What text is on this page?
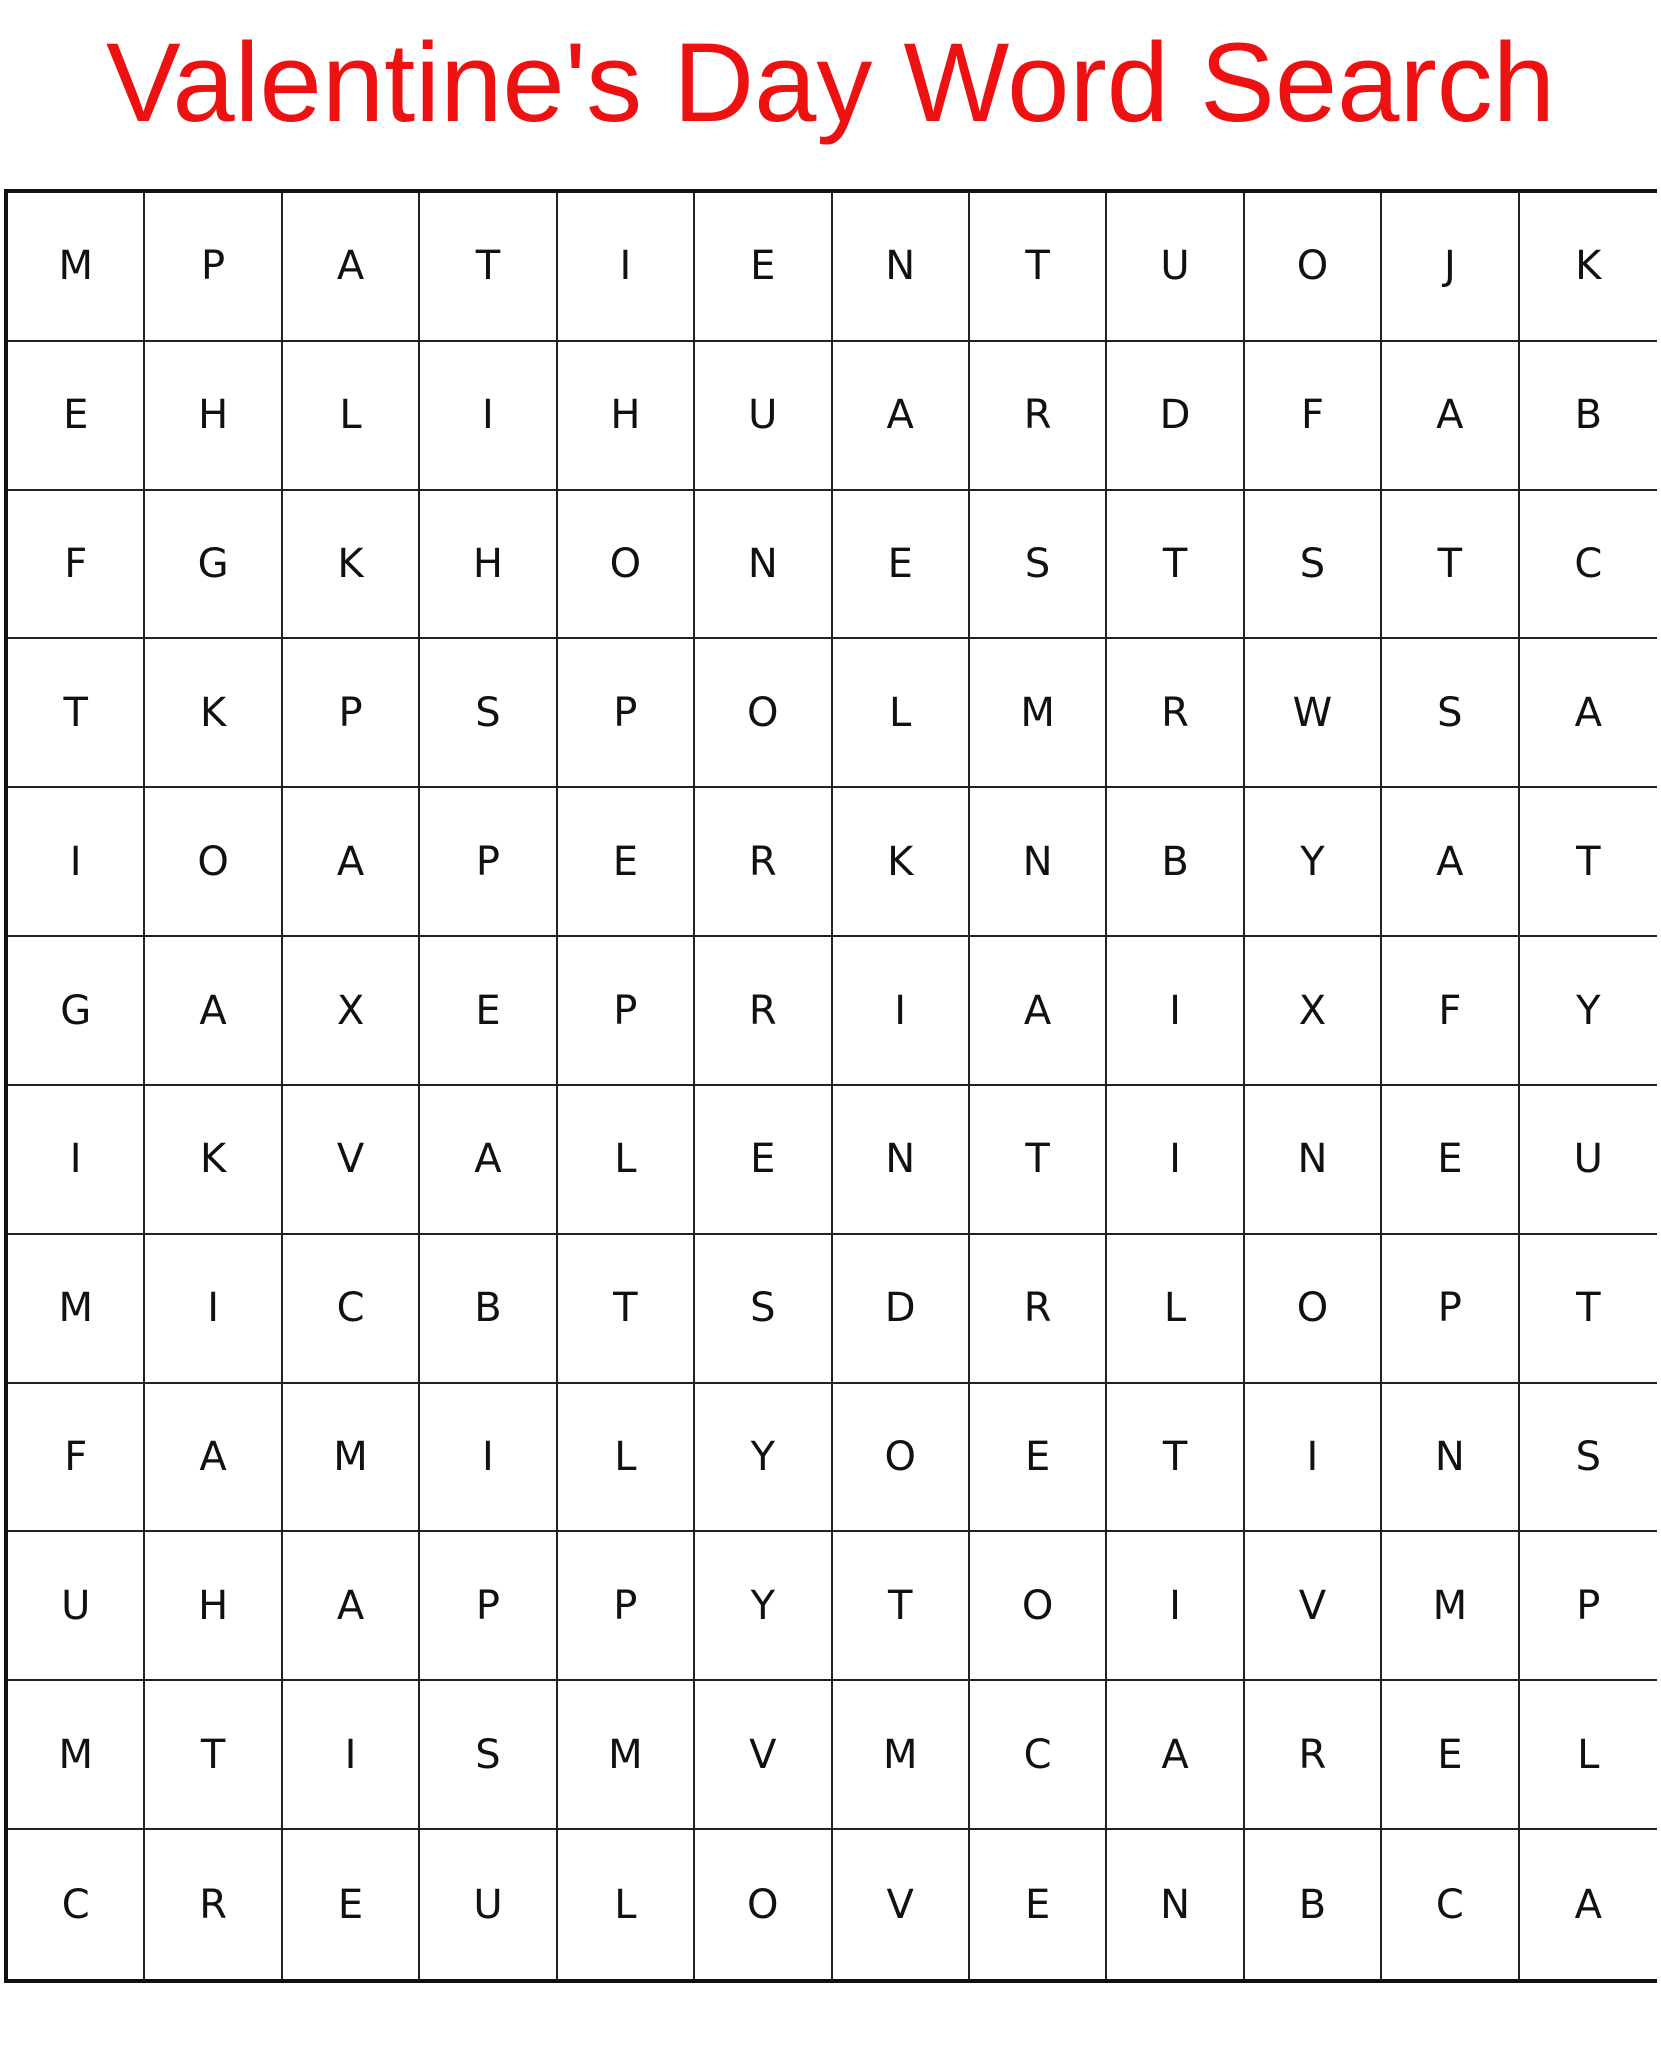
Valentine's Day Word Search
M	P	A	T	I	E	N	T	U	O	J	K
E	H	L	I	H	U	A	R	D	F	A	B
F	G	K	H	O	N	E	S	T	S	T	C
T	K	P	S	P	O	L	M	R	W	S	A
I	O	A	P	E	R	K	N	B	Y	A	T
G	A	X	E	P	R	I	A	I	X	F	Y
I	K	V	A	L	E	N	T	I	N	E	U
M	I	C	B	T	S	D	R	L	O	P	T
F	A	M	I	L	Y	O	E	T	I	N	S
U	H	A	P	P	Y	T	O	I	V	M	P
M	T	I	S	M	V	M	C	A	R	E	L
C	R	E	U	L	O	V	E	N	B	C	A
